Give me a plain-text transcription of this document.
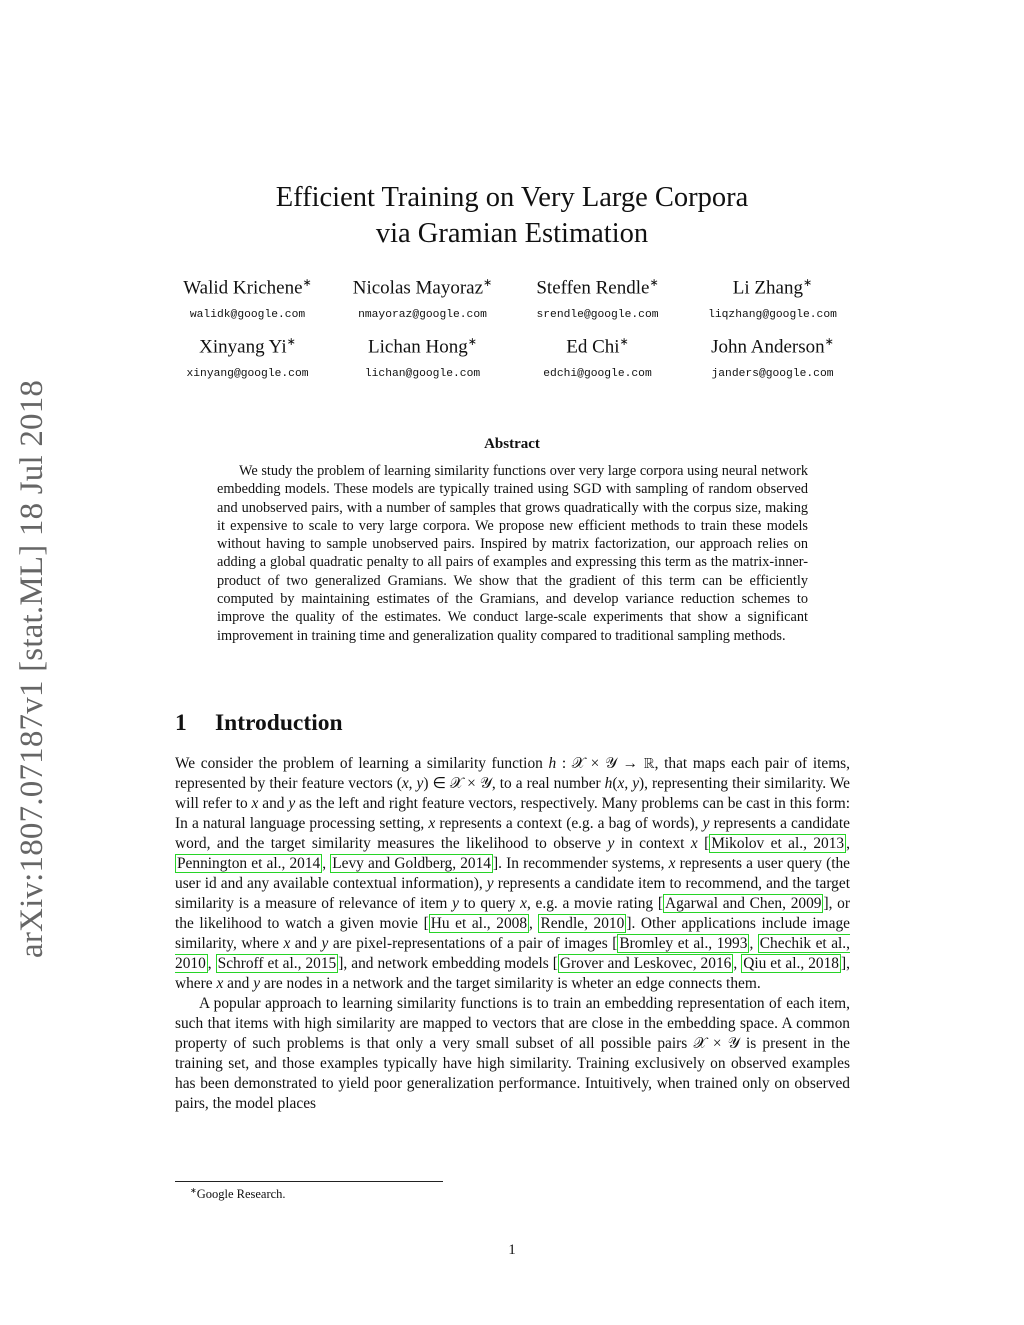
arXiv:1807.07187v1 [stat.ML] 18 Jul 2018
Efficient Training on Very Large Corpora
via Gramian Estimation
Walid Krichene∗
walidk@google.com
Nicolas Mayoraz∗
nmayoraz@google.com
Steffen Rendle∗
srendle@google.com
Li Zhang∗
liqzhang@google.com
Xinyang Yi∗
xinyang@google.com
Lichan Hong∗
lichan@google.com
Ed Chi∗
edchi@google.com
John Anderson∗
janders@google.com
Abstract

We study the problem of learning similarity functions over very large corpora using neural network embedding models. These models are typically trained using SGD with sampling of random observed and unobserved pairs, with a number of samples that grows quadratically with the corpus size, making it expensive to scale to very large corpora. We propose new efficient methods to train these models without having to sample unobserved pairs. Inspired by matrix factorization, our approach relies on adding a global quadratic penalty to all pairs of examples and expressing this term as the matrix-inner-product of two generalized Gramians. We show that the gradient of this term can be efficiently computed by maintaining estimates of the Gramians, and develop variance reduction schemes to improve the quality of the estimates. We conduct large-scale experiments that show a significant improvement in training time and generalization quality compared to traditional sampling methods.

1 Introduction

We consider the problem of learning a similarity function h : 𝒳 × 𝒴 → ℝ, that maps each pair of items, represented by their feature vectors (x, y) ∈ 𝒳 × 𝒴, to a real number h(x, y), representing their similarity. We will refer to x and y as the left and right feature vectors, respectively. Many problems can be cast in this form: In a natural language processing setting, x represents a context (e.g. a bag of words), y represents a candidate word, and the target similarity measures the likelihood to observe y in context x [ Mikolov et al., 2013 , Pennington et al., 2014 , Levy and Goldberg, 2014 ]. In recommender systems, x represents a user query (the user id and any available contextual information), y represents a candidate item to recommend, and the target similarity is a measure of relevance of item y to query x, e.g. a movie rating [ Agarwal and Chen, 2009 ], or the likelihood to watch a given movie [ Hu et al., 2008 , Rendle, 2010 ]. Other applications include image similarity, where x and y are pixel-representations of a pair of images [ Bromley et al., 1993 , Chechik et al., 2010 , Schroff et al., 2015 ], and network embedding models [ Grover and Leskovec, 2016 , Qiu et al., 2018 ], where x and y are nodes in a network and the target similarity is wheter an edge connects them.

A popular approach to learning similarity functions is to train an embedding representation of each item, such that items with high similarity are mapped to vectors that are close in the embedding space. A common property of such problems is that only a very small subset of all possible pairs 𝒳 × 𝒴 is present in the training set, and those examples typically have high similarity. Training exclusively on observed examples has been demonstrated to yield poor generalization performance. Intuitively, when trained only on observed pairs, the model places

∗Google Research.
1
